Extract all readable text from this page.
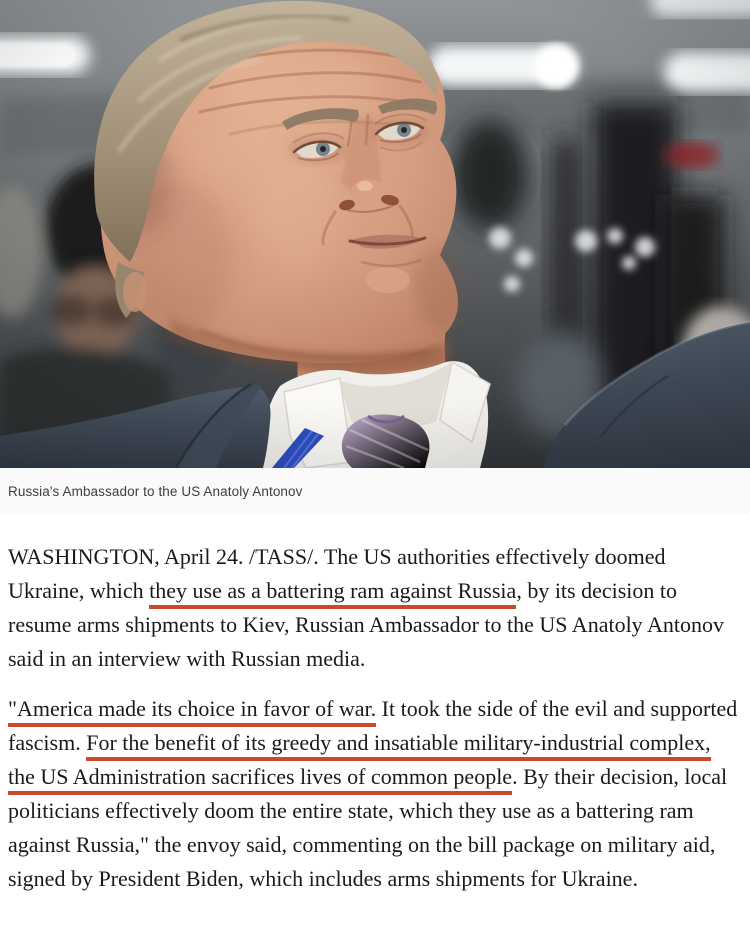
Russia's Ambassador to the US Anatoly Antonov

WASHINGTON, April 24. /TASS/. The US authorities effectively doomed Ukraine, which they use as a battering ram against Russia, by its decision to resume arms shipments to Kiev, Russian Ambassador to the US Anatoly Antonov said in an interview with Russian media.

"America made its choice in favor of war. It took the side of the evil and supported fascism. For the benefit of its greedy and insatiable military-industrial complex, the US Administration sacrifices lives of common people. By their decision, local politicians effectively doom the entire state, which they use as a battering ram against Russia," the envoy said, commenting on the bill package on military aid, signed by President Biden, which includes arms shipments for Ukraine.
